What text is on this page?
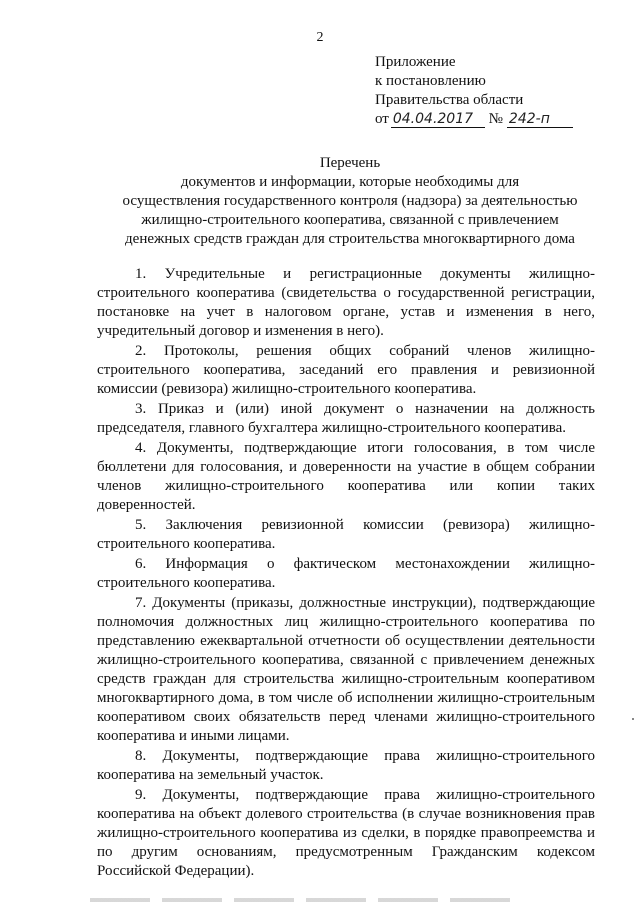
2
Приложение
к постановлению
Правительства области
от 04.04.2017 № 242-п
Перечень
документов и информации, которые необходимы для
осуществления государственного контроля (надзора) за деятельностью
жилищно-строительного кооператива, связанной с привлечением
денежных средств граждан для строительства многоквартирного дома

1. Учредительные и регистрационные документы жилищно-строительного кооператива (свидетельства о государственной регистрации, постановке на учет в налоговом органе, устав и изменения в него, учредительный договор и изменения в него).

2. Протоколы, решения общих собраний членов жилищно-строительного кооператива, заседаний его правления и ревизионной комиссии (ревизора) жилищно-строительного кооператива.

3. Приказ и (или) иной документ о назначении на должность председателя, главного бухгалтера жилищно-строительного кооператива.

4. Документы, подтверждающие итоги голосования, в том числе бюллетени для голосования, и доверенности на участие в общем собрании членов жилищно-строительного кооператива или копии таких доверенностей.

5. Заключения ревизионной комиссии (ревизора) жилищно-строительного кооператива.

6. Информация о фактическом местонахождении жилищно-строительного кооператива.

7. Документы (приказы, должностные инструкции), подтверждающие полномочия должностных лиц жилищно-строительного кооператива по представлению ежеквартальной отчетности об осуществлении деятельности жилищно-строительного кооператива, связанной с привлечением денежных средств граждан для строительства жилищно-строительным кооперативом многоквартирного дома, в том числе об исполнении жилищно-строительным кооперативом своих обязательств перед членами жилищно-строительного кооператива и иными лицами.

8. Документы, подтверждающие права жилищно-строительного кооператива на земельный участок.

9. Документы, подтверждающие права жилищно-строительного кооператива на объект долевого строительства (в случае возникновения прав жилищно-строительного кооператива из сделки, в порядке правопреемства и по другим основаниям, предусмотренным Гражданским кодексом Российской Федерации).
